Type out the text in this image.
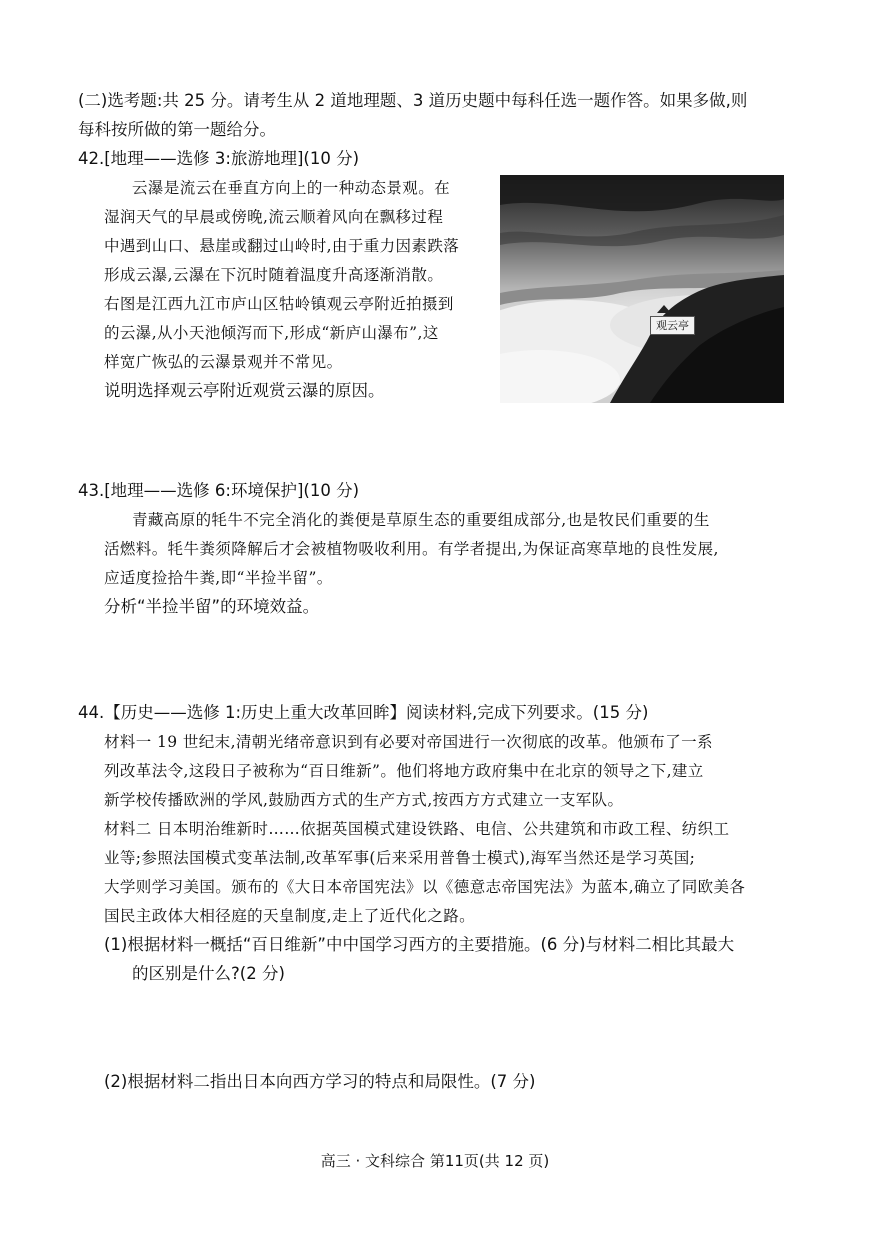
(二)选考题:共 25 分。请考生从 2 道地理题、3 道历史题中每科任选一题作答。如果多做,则
每科按所做的第一题给分。
42.[地理——选修 3:旅游地理](10 分)
云瀑是流云在垂直方向上的一种动态景观。在
湿润天气的早晨或傍晚,流云顺着风向在飘移过程
中遇到山口、悬崖或翻过山岭时,由于重力因素跌落
形成云瀑,云瀑在下沉时随着温度升高逐渐消散。
右图是江西九江市庐山区牯岭镇观云亭附近拍摄到
的云瀑,从小天池倾泻而下,形成“新庐山瀑布”,这
样宽广恢弘的云瀑景观并不常见。
说明选择观云亭附近观赏云瀑的原因。
观云亭
43.[地理——选修 6:环境保护](10 分)
青藏高原的牦牛不完全消化的粪便是草原生态的重要组成部分,也是牧民们重要的生
活燃料。牦牛粪须降解后才会被植物吸收利用。有学者提出,为保证高寒草地的良性发展,
应适度捡拾牛粪,即“半捡半留”。
分析“半捡半留”的环境效益。
44.【历史——选修 1:历史上重大改革回眸】阅读材料,完成下列要求。(15 分)
材料一 19 世纪末,清朝光绪帝意识到有必要对帝国进行一次彻底的改革。他颁布了一系
列改革法令,这段日子被称为“百日维新”。他们将地方政府集中在北京的领导之下,建立
新学校传播欧洲的学风,鼓励西方式的生产方式,按西方方式建立一支军队。
材料二 日本明治维新时……依据英国模式建设铁路、电信、公共建筑和市政工程、纺织工
业等;参照法国模式变革法制,改革军事(后来采用普鲁士模式),海军当然还是学习英国;
大学则学习美国。颁布的《大日本帝国宪法》以《德意志帝国宪法》为蓝本,确立了同欧美各
国民主政体大相径庭的天皇制度,走上了近代化之路。
(1)根据材料一概括“百日维新”中中国学习西方的主要措施。(6 分)与材料二相比其最大
的区别是什么?(2 分)
(2)根据材料二指出日本向西方学习的特点和局限性。(7 分)
高三 · 文科综合 第11页(共 12 页)
